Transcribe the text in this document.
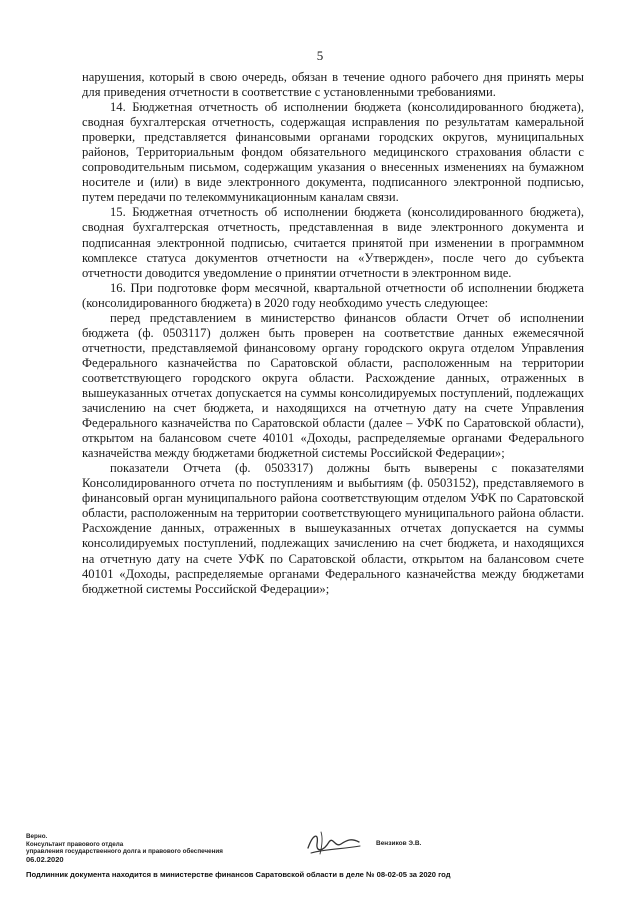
5

нарушения, который в свою очередь, обязан в течение одного рабочего дня принять меры для приведения отчетности в соответствие с установленными требованиями.

14. Бюджетная отчетность об исполнении бюджета (консолидированного бюджета), сводная бухгалтерская отчетность, содержащая исправления по результатам камеральной проверки, представляется финансовыми органами городских округов, муниципальных районов, Территориальным фондом обязательного медицинского страхования области с сопроводительным письмом, содержащим указания о внесенных изменениях на бумажном носителе и (или) в виде электронного документа, подписанного электронной подписью, путем передачи по телекоммуникационным каналам связи.

15. Бюджетная отчетность об исполнении бюджета (консолидированного бюджета), сводная бухгалтерская отчетность, представленная в виде электронного документа и подписанная электронной подписью, считается принятой при изменении в программном комплексе статуса документов отчетности на «Утвержден», после чего до субъекта отчетности доводится уведомление о принятии отчетности в электронном виде.

16. При подготовке форм месячной, квартальной отчетности об исполнении бюджета (консолидированного бюджета) в 2020 году необходимо учесть следующее:

перед представлением в министерство финансов области Отчет об исполнении бюджета (ф. 0503117) должен быть проверен на соответствие данных ежемесячной отчетности, представляемой финансовому органу городского округа отделом Управления Федерального казначейства по Саратовской области, расположенным на территории соответствующего городского округа области. Расхождение данных, отраженных в вышеуказанных отчетах допускается на суммы консолидируемых поступлений, подлежащих зачислению на счет бюджета, и находящихся на отчетную дату на счете Управления Федерального казначейства по Саратовской области (далее – УФК по Саратовской области), открытом на балансовом счете 40101 «Доходы, распределяемые органами Федерального казначейства между бюджетами бюджетной системы Российской Федерации»;

показатели Отчета (ф. 0503317) должны быть выверены с показателями Консолидированного отчета по поступлениям и выбытиям (ф. 0503152), представляемого в финансовый орган муниципального района соответствующим отделом УФК по Саратовской области, расположенным на территории соответствующего муниципального района области. Расхождение данных, отраженных в вышеуказанных отчетах допускается на суммы консолидируемых поступлений, подлежащих зачислению на счет бюджета, и находящихся на отчетную дату на счете УФК по Саратовской области, открытом на балансовом счете 40101 «Доходы, распределяемые органами Федерального казначейства между бюджетами бюджетной системы Российской Федерации»;

Верно.
Консультант правового отдела
управления государственного долга и правового обеспечения
06.02.2020
Вензиков Э.В.
Подлинник документа находится в министерстве финансов Саратовской области в деле № 08-02-05 за 2020 год
